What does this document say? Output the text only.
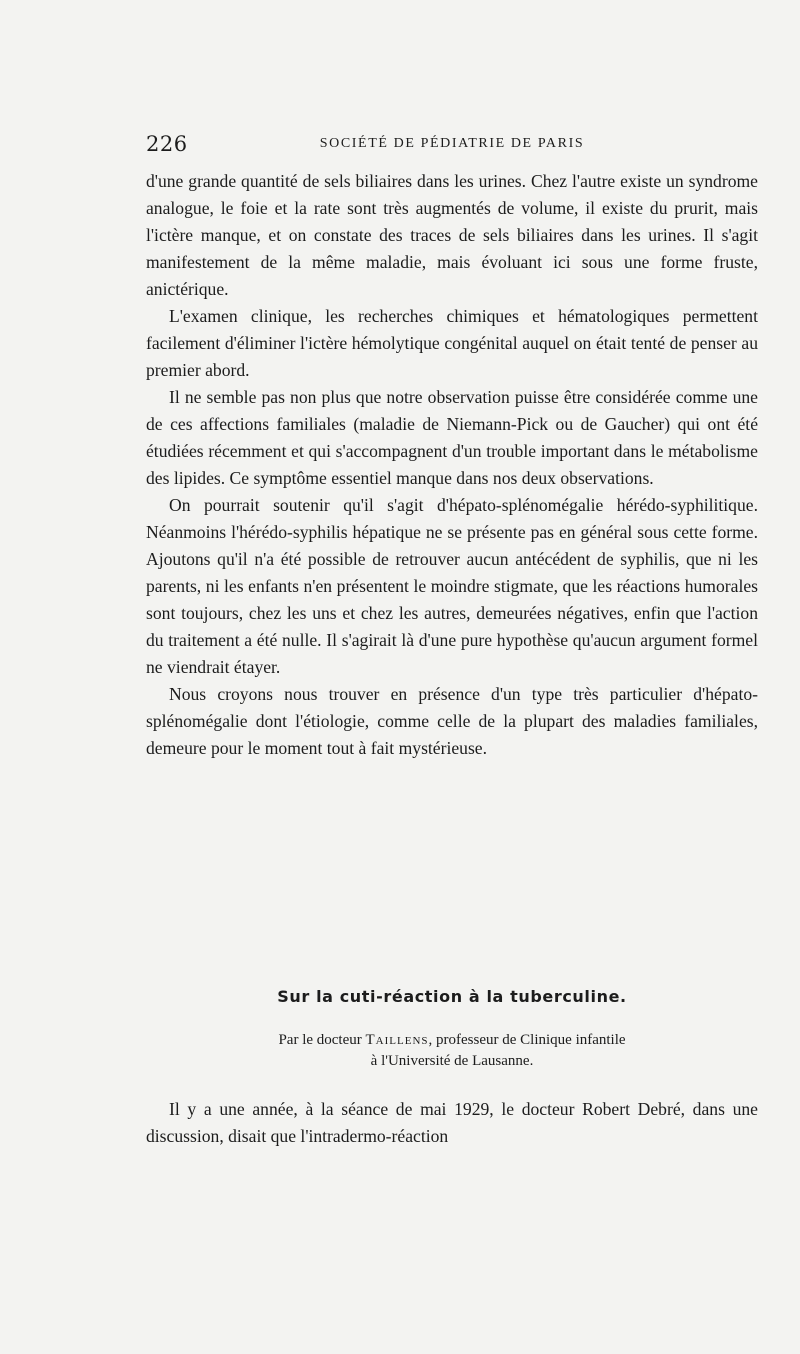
226	SOCIÉTÉ DE PÉDIATRIE DE PARIS

d'une grande quantité de sels biliaires dans les urines. Chez l'autre existe un syndrome analogue, le foie et la rate sont très augmentés de volume, il existe du prurit, mais l'ictère manque, et on constate des traces de sels biliaires dans les urines. Il s'agit manifestement de la même maladie, mais évoluant ici sous une forme fruste, anictérique.

L'examen clinique, les recherches chimiques et hématologiques permettent facilement d'éliminer l'ictère hémolytique congénital auquel on était tenté de penser au premier abord.

Il ne semble pas non plus que notre observation puisse être considérée comme une de ces affections familiales (maladie de Niemann-Pick ou de Gaucher) qui ont été étudiées récemment et qui s'accompagnent d'un trouble important dans le métabolisme des lipides. Ce symptôme essentiel manque dans nos deux observations.

On pourrait soutenir qu'il s'agit d'hépato-splénomégalie hérédo-syphilitique. Néanmoins l'hérédo-syphilis hépatique ne se présente pas en général sous cette forme. Ajoutons qu'il n'a été possible de retrouver aucun antécédent de syphilis, que ni les parents, ni les enfants n'en présentent le moindre stigmate, que les réactions humorales sont toujours, chez les uns et chez les autres, demeurées négatives, enfin que l'action du traitement a été nulle. Il s'agirait là d'une pure hypothèse qu'aucun argument formel ne viendrait étayer.

Nous croyons nous trouver en présence d'un type très particulier d'hépato-splénomégalie dont l'étiologie, comme celle de la plupart des maladies familiales, demeure pour le moment tout à fait mystérieuse.

Sur la cuti-réaction à la tuberculine.
Par le docteur Taillens, professeur de Clinique infantile
à l'Université de Lausanne.

Il y a une année, à la séance de mai 1929, le docteur Robert Debré, dans une discussion, disait que l'intradermo-réaction
